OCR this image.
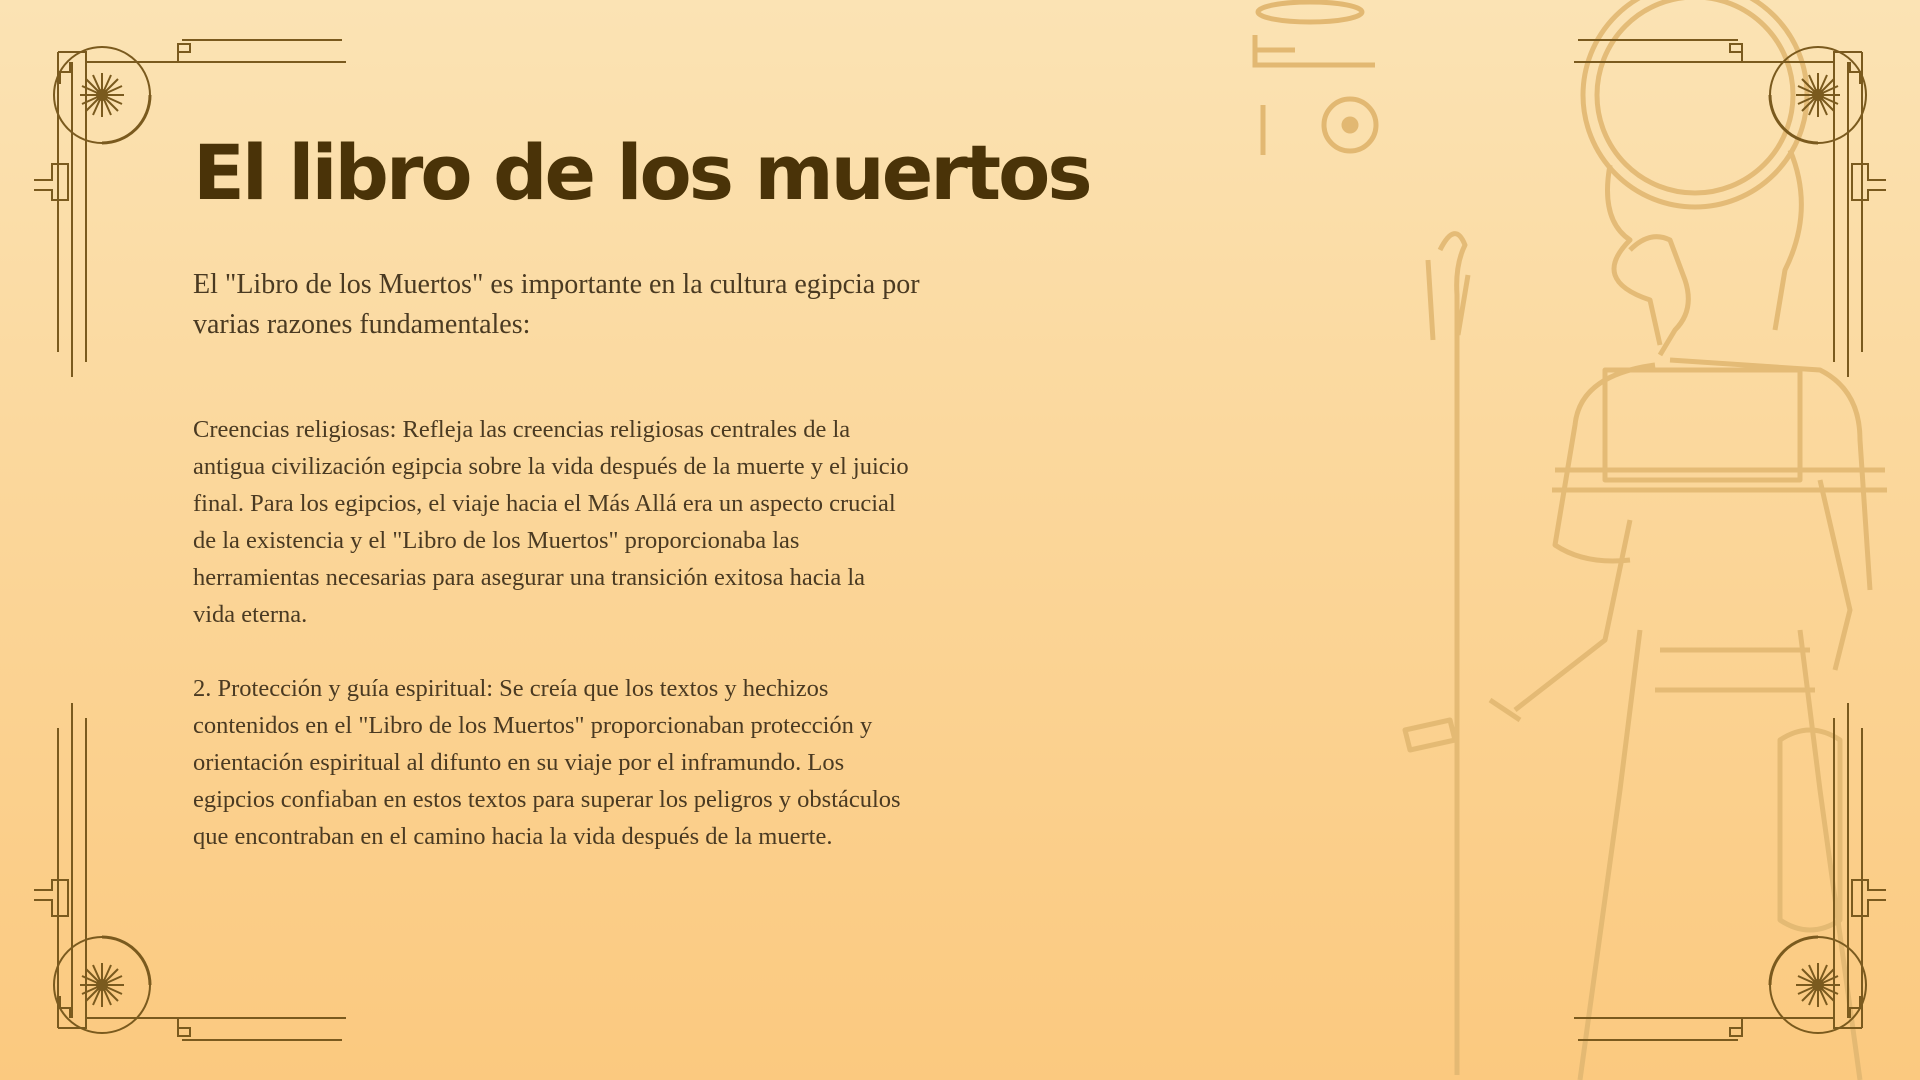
El libro de los muertos

El "Libro de los Muertos" es importante en la cultura egipcia por varias razones fundamentales:

Creencias religiosas: Refleja las creencias religiosas centrales de la antigua civilización egipcia sobre la vida después de la muerte y el juicio final. Para los egipcios, el viaje hacia el Más Allá era un aspecto crucial de la existencia y el "Libro de los Muertos" proporcionaba las herramientas necesarias para asegurar una transición exitosa hacia la vida eterna.

2. Protección y guía espiritual: Se creía que los textos y hechizos contenidos en el "Libro de los Muertos" proporcionaban protección y orientación espiritual al difunto en su viaje por el inframundo. Los egipcios confiaban en estos textos para superar los peligros y obstáculos que encontraban en el camino hacia la vida después de la muerte.
